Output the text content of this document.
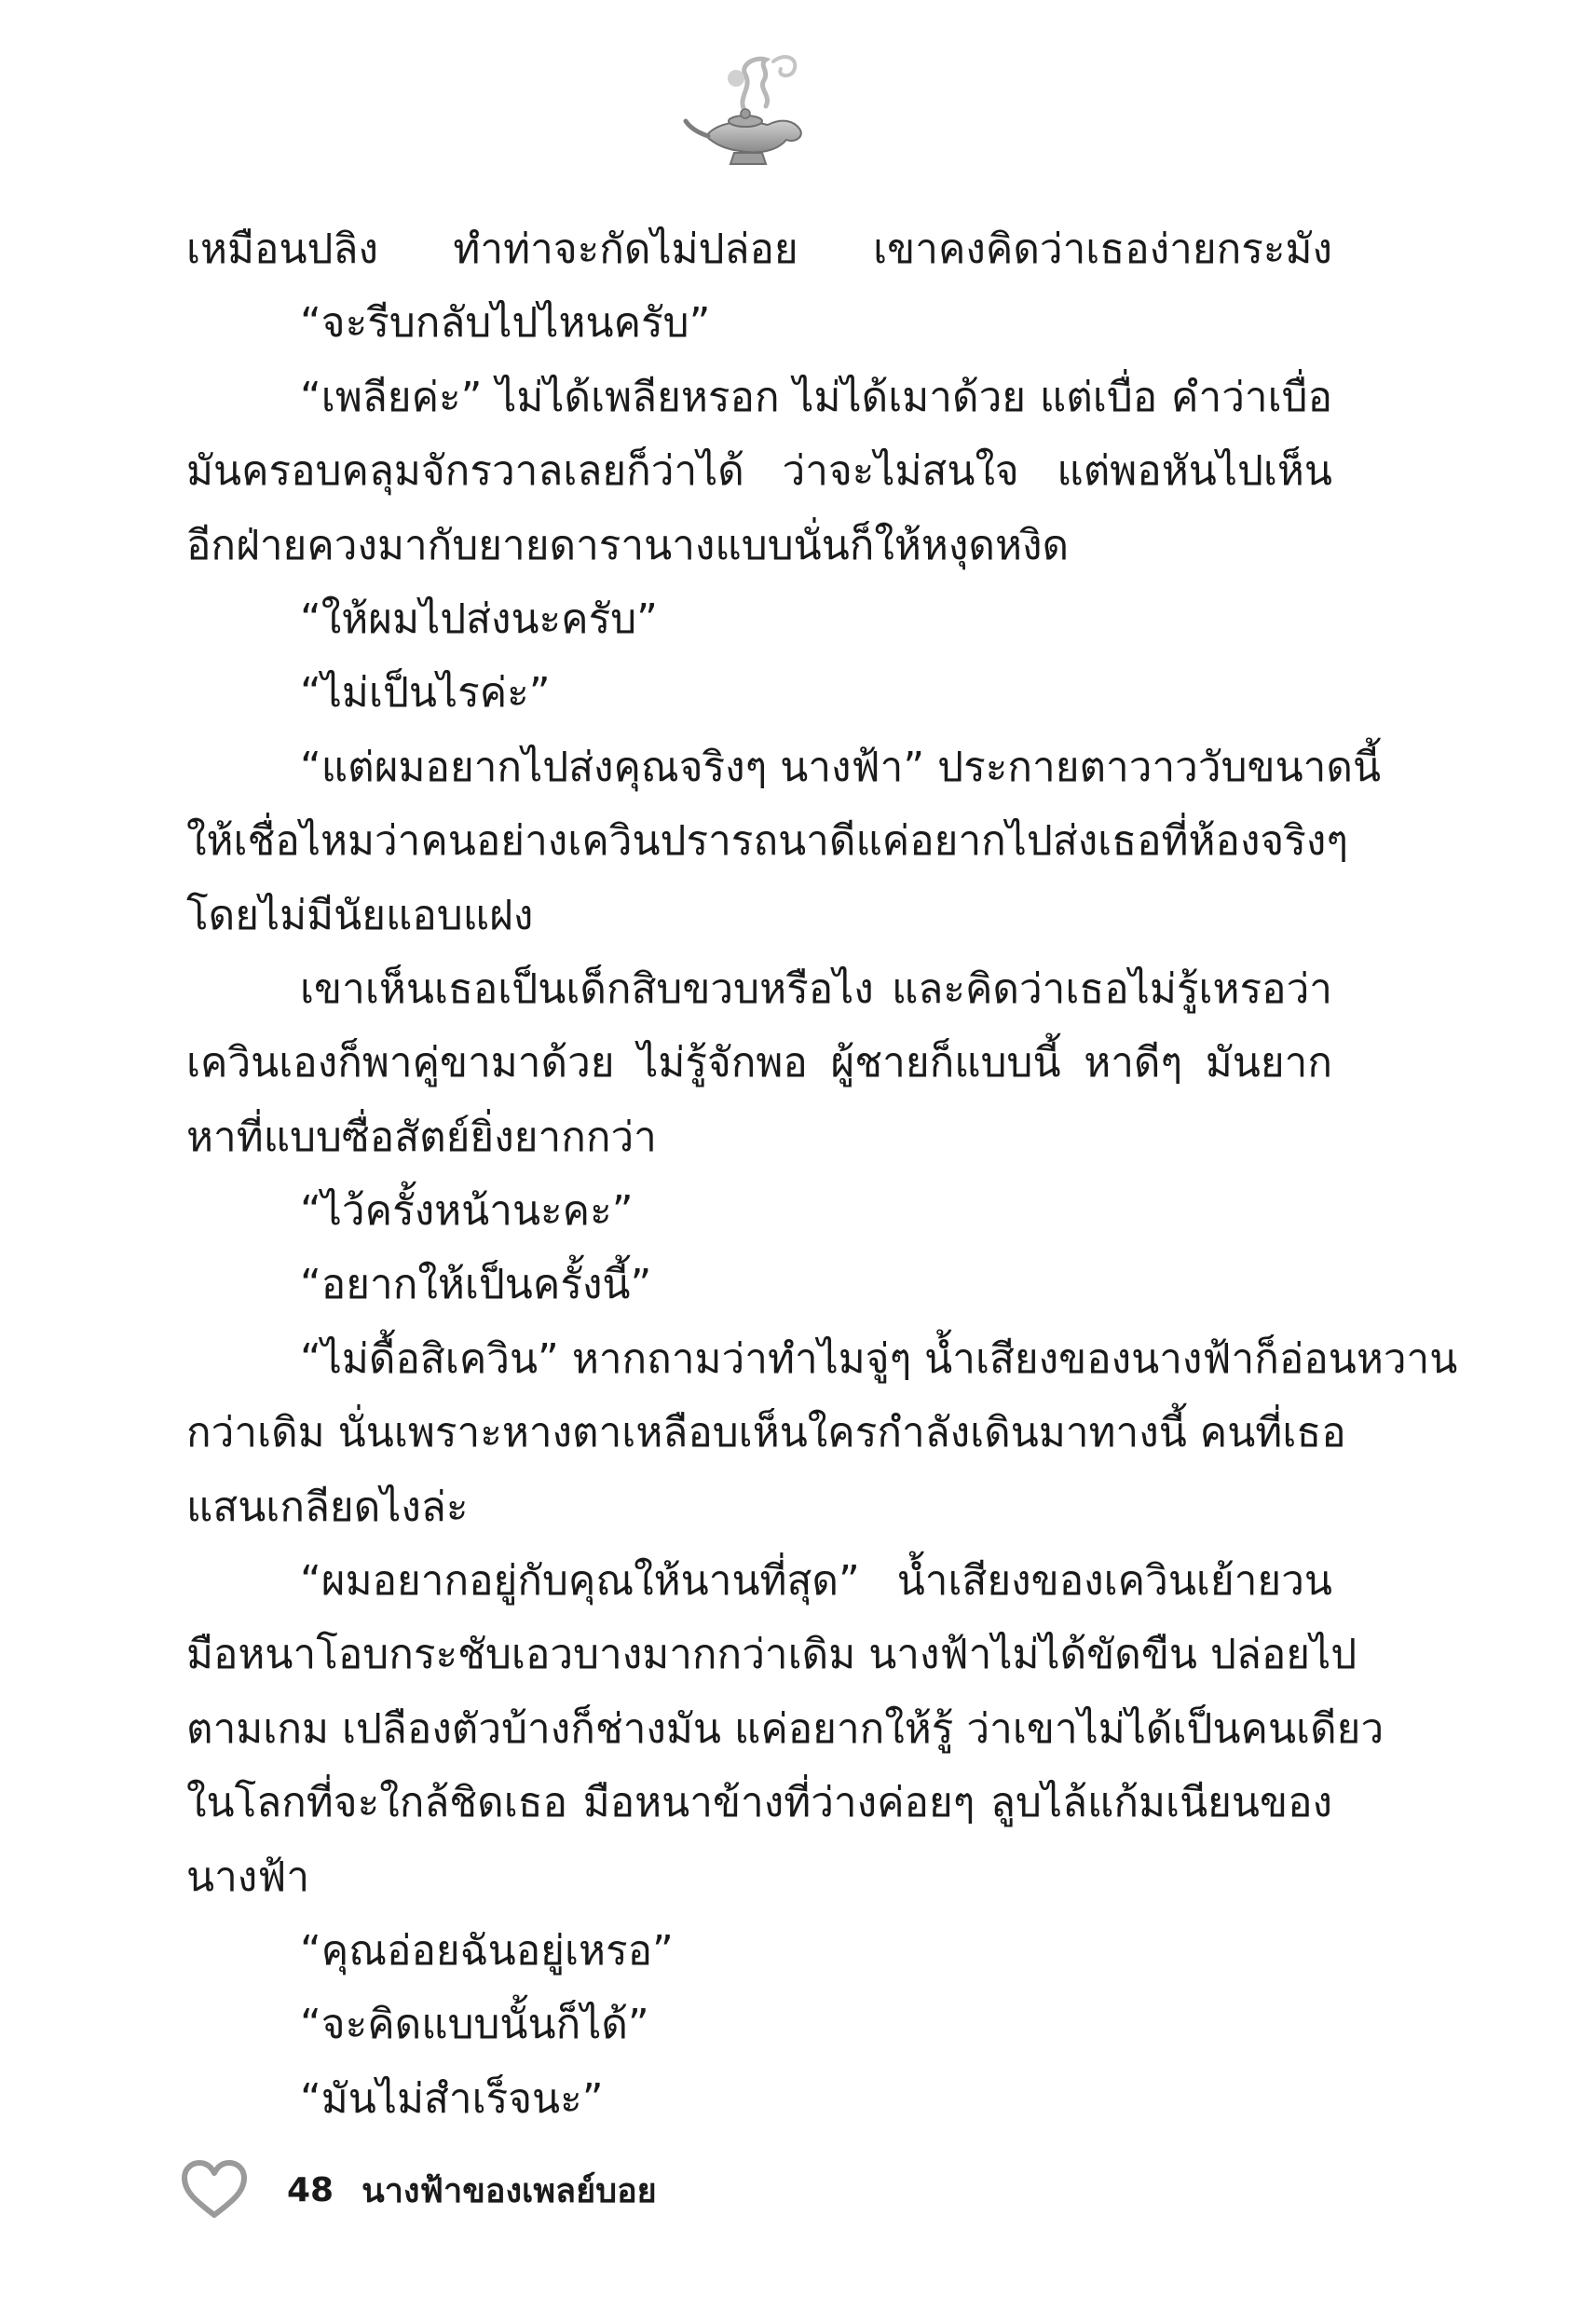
เหมือนปลิง ทำท่าจะกัดไม่ปล่อย เขาคงคิดว่าเธอง่ายกระมัง
“จะรีบกลับไปไหนครับ”
“เพลียค่ะ” ไม่ได้เพลียหรอก ไม่ได้เมาด้วย แต่เบื่อ คำว่าเบื่อ
มันครอบคลุมจักรวาลเลยก็ว่าได้ ว่าจะไม่สนใจ แต่พอหันไปเห็น
อีกฝ่ายควงมากับยายดารานางแบบนั่นก็ให้หงุดหงิด
“ให้ผมไปส่งนะครับ”
“ไม่เป็นไรค่ะ”
“แต่ผมอยากไปส่งคุณจริงๆ นางฟ้า” ประกายตาวาววับขนาดนี้
ให้เชื่อไหมว่าคนอย่างเควินปรารถนาดีแค่อยากไปส่งเธอที่ห้องจริงๆ
โดยไม่มีนัยแอบแฝง
เขาเห็นเธอเป็นเด็กสิบขวบหรือไง และคิดว่าเธอไม่รู้เหรอว่า
เควินเองก็พาคู่ขามาด้วย ไม่รู้จักพอ ผู้ชายก็แบบนี้ หาดีๆ มันยาก
หาที่แบบซื่อสัตย์ยิ่งยากกว่า
“ไว้ครั้งหน้านะคะ”
“อยากให้เป็นครั้งนี้”
“ไม่ดื้อสิเควิน” หากถามว่าทำไมจู่ๆ น้ำเสียงของนางฟ้าก็อ่อนหวาน
กว่าเดิม นั่นเพราะหางตาเหลือบเห็นใครกำลังเดินมาทางนี้ คนที่เธอ
แสนเกลียดไงล่ะ
“ผมอยากอยู่กับคุณให้นานที่สุด” น้ำเสียงของเควินเย้ายวน
มือหนาโอบกระชับเอวบางมากกว่าเดิม นางฟ้าไม่ได้ขัดขืน ปล่อยไป
ตามเกม เปลืองตัวบ้างก็ช่างมัน แค่อยากให้รู้ ว่าเขาไม่ได้เป็นคนเดียว
ในโลกที่จะใกล้ชิดเธอ มือหนาข้างที่ว่างค่อยๆ ลูบไล้แก้มเนียนของ
นางฟ้า
“คุณอ่อยฉันอยู่เหรอ”
“จะคิดแบบนั้นก็ได้”
“มันไม่สำเร็จนะ”
48 นางฟ้าของเพลย์บอย
